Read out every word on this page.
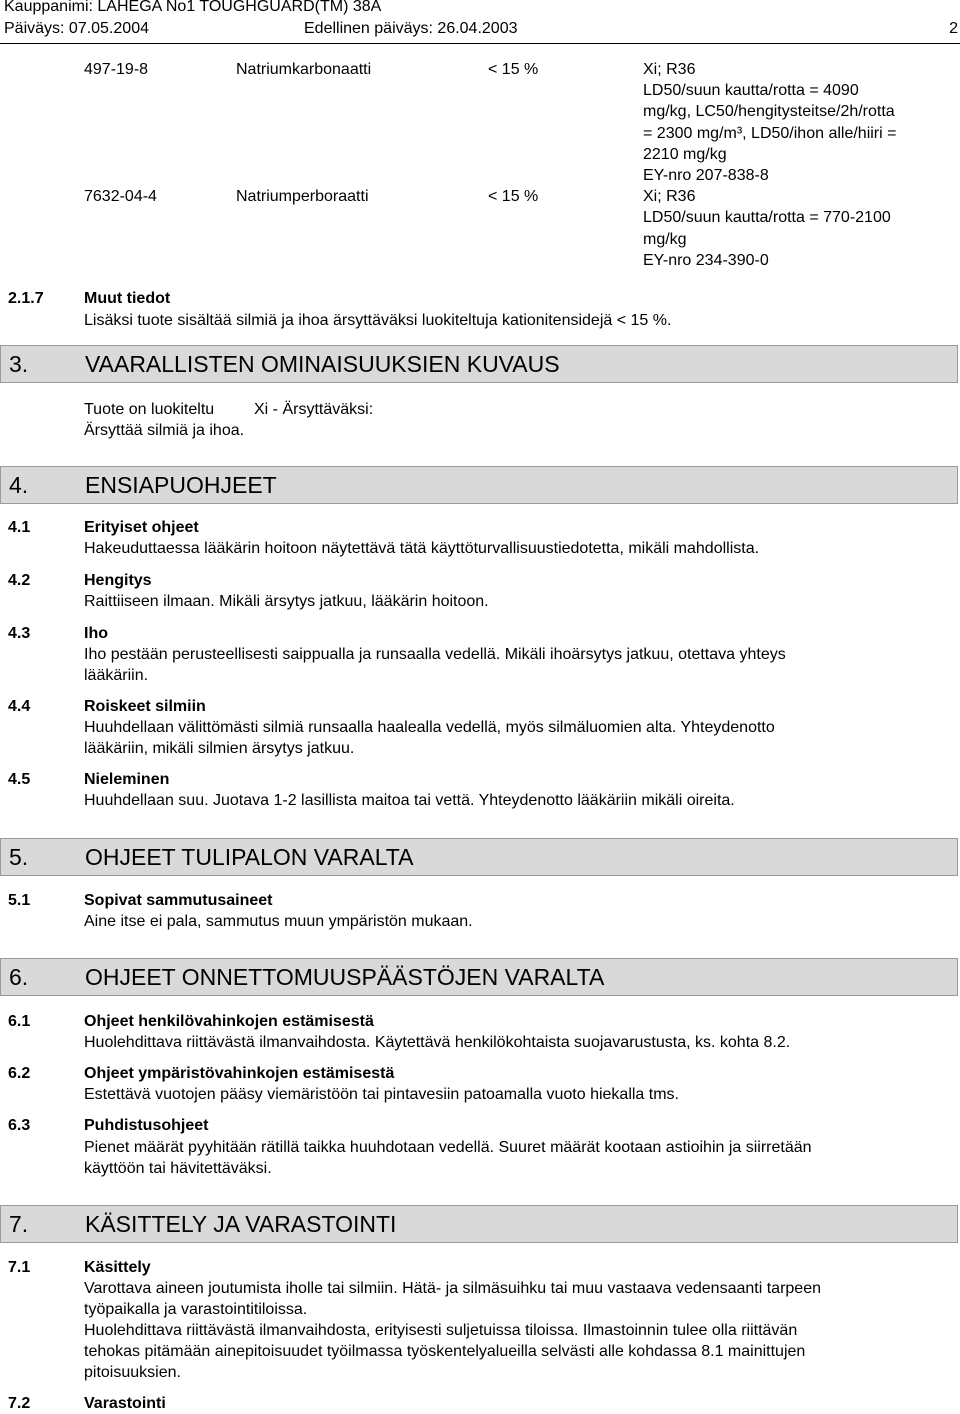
Kauppanimi: LAHEGA No1 TOUGHGUARD(TM) 38A
Päiväys: 07.05.2004	Edellinen päiväys: 26.04.2003	2
497-19-8	Natriumkarbonaatti	< 15 %	Xi; R36
LD50/suun kautta/rotta = 4090
mg/kg, LC50/hengitysteitse/2h/rotta
= 2300 mg/m³, LD50/ihon alle/hiiri =
2210 mg/kg
EY-nro 207-838-8
7632-04-4	Natriumperboraatti	< 15 %	Xi; R36
LD50/suun kautta/rotta = 770-2100
mg/kg
EY-nro 234-390-0
2.1.7	Muut tiedot
Lisäksi tuote sisältää silmiä ja ihoa ärsyttäväksi luokiteltuja kationitensidejä < 15 %.
3. VAARALLISTEN OMINAISUUKSIEN KUVAUS
Tuote on luokiteltu Xi - Ärsyttäväksi:
Ärsyttää silmiä ja ihoa.
4. ENSIAPUOHJEET
4.1	Erityiset ohjeet
Hakeuduttaessa lääkärin hoitoon näytettävä tätä käyttöturvallisuustiedotetta, mikäli mahdollista.
4.2	Hengitys
Raittiiseen ilmaan. Mikäli ärsytys jatkuu, lääkärin hoitoon.
4.3	Iho
Iho pestään perusteellisesti saippualla ja runsaalla vedellä. Mikäli ihoärsytys jatkuu, otettava yhteys
lääkäriin.
4.4	Roiskeet silmiin
Huuhdellaan välittömästi silmiä runsaalla haalealla vedellä, myös silmäluomien alta. Yhteydenotto
lääkäriin, mikäli silmien ärsytys jatkuu.
4.5	Nieleminen
Huuhdellaan suu. Juotava 1-2 lasillista maitoa tai vettä. Yhteydenotto lääkäriin mikäli oireita.
5. OHJEET TULIPALON VARALTA
5.1	Sopivat sammutusaineet
Aine itse ei pala, sammutus muun ympäristön mukaan.
6. OHJEET ONNETTOMUUSPÄÄSTÖJEN VARALTA
6.1	Ohjeet henkilövahinkojen estämisestä
Huolehdittava riittävästä ilmanvaihdosta. Käytettävä henkilökohtaista suojavarustusta, ks. kohta 8.2.
6.2	Ohjeet ympäristövahinkojen estämisestä
Estettävä vuotojen pääsy viemäristöön tai pintavesiin patoamalla vuoto hiekalla tms.
6.3	Puhdistusohjeet
Pienet määrät pyyhitään rätillä taikka huuhdotaan vedellä. Suuret määrät kootaan astioihin ja siirretään
käyttöön tai hävitettäväksi.
7. KÄSITTELY JA VARASTOINTI
7.1	Käsittely
Varottava aineen joutumista iholle tai silmiin. Hätä- ja silmäsuihku tai muu vastaava vedensaanti tarpeen
työpaikalla ja varastointitiloissa.
Huolehdittava riittävästä ilmanvaihdosta, erityisesti suljetuissa tiloissa. Ilmastoinnin tulee olla riittävän
tehokas pitämään ainepitoisuudet työilmassa työskentelyalueilla selvästi alle kohdassa 8.1 mainittujen
pitoisuuksien.
7.2	Varastointi
